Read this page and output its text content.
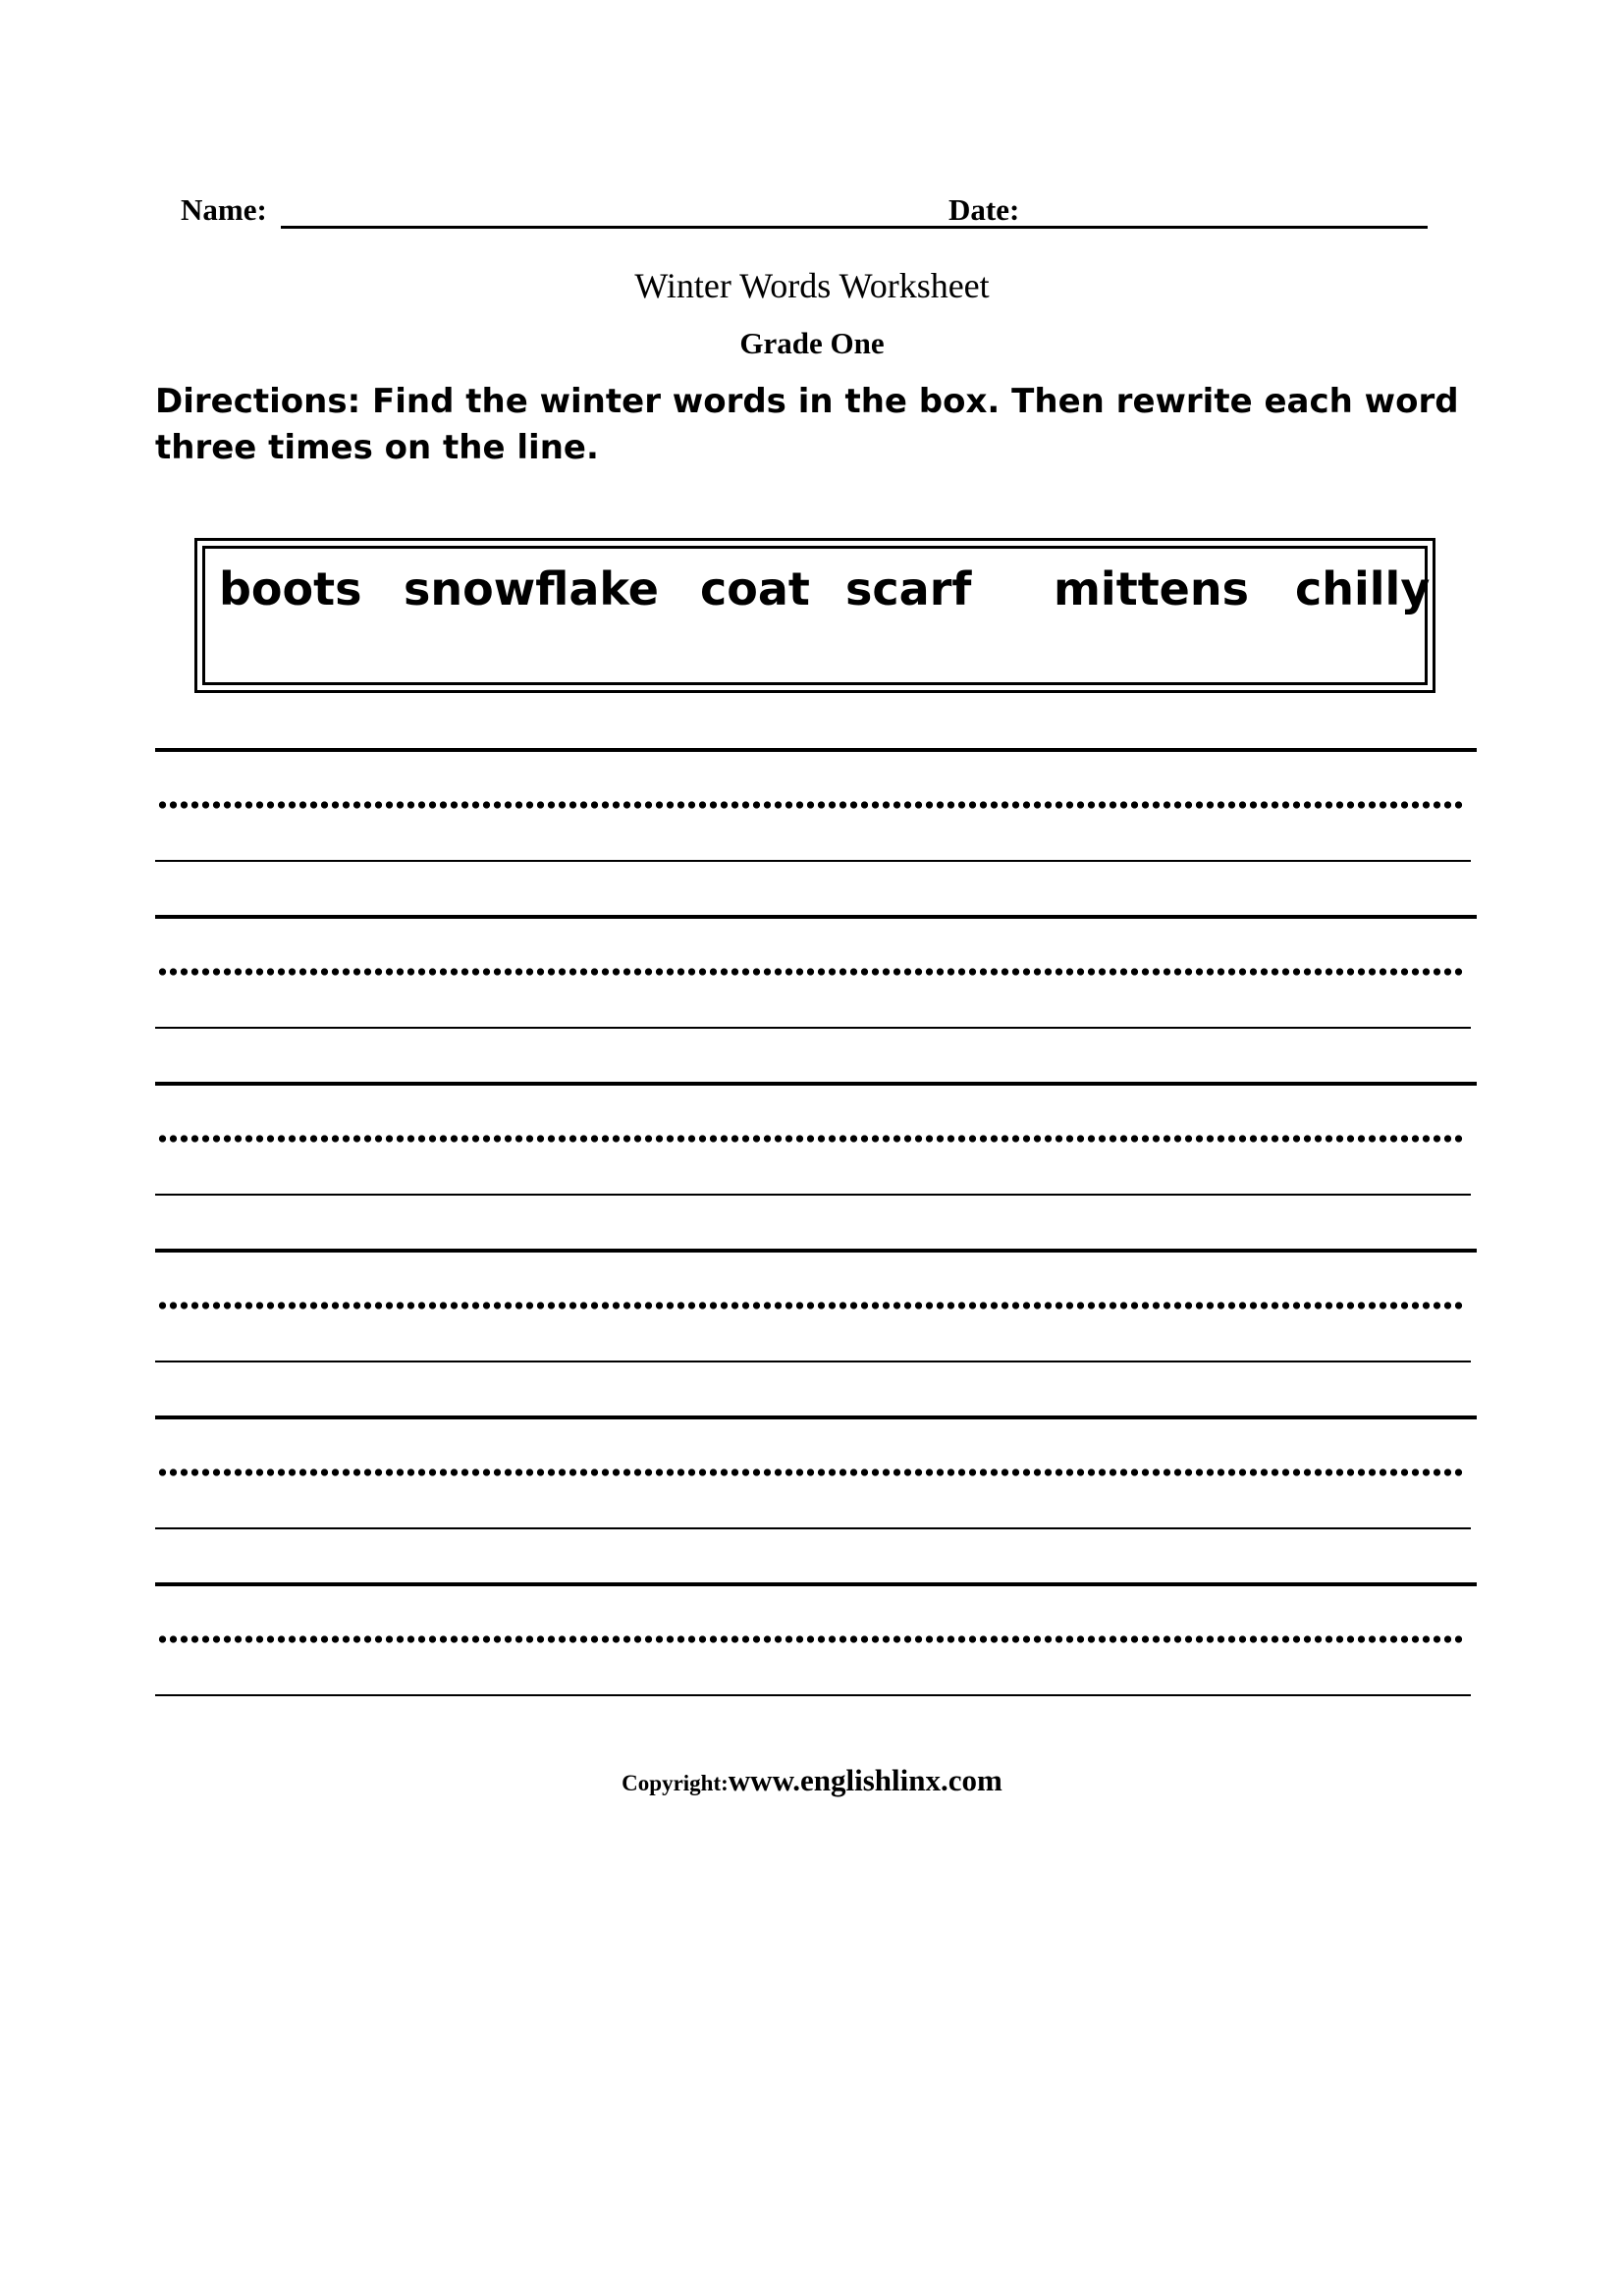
Name:	Date:
Winter Words Worksheet
Grade One
Directions: Find the winter words in the box. Then rewrite each word three times on the line.
boots snowflake coat scarf mittens chilly
Copyright:www.englishlinx.com
